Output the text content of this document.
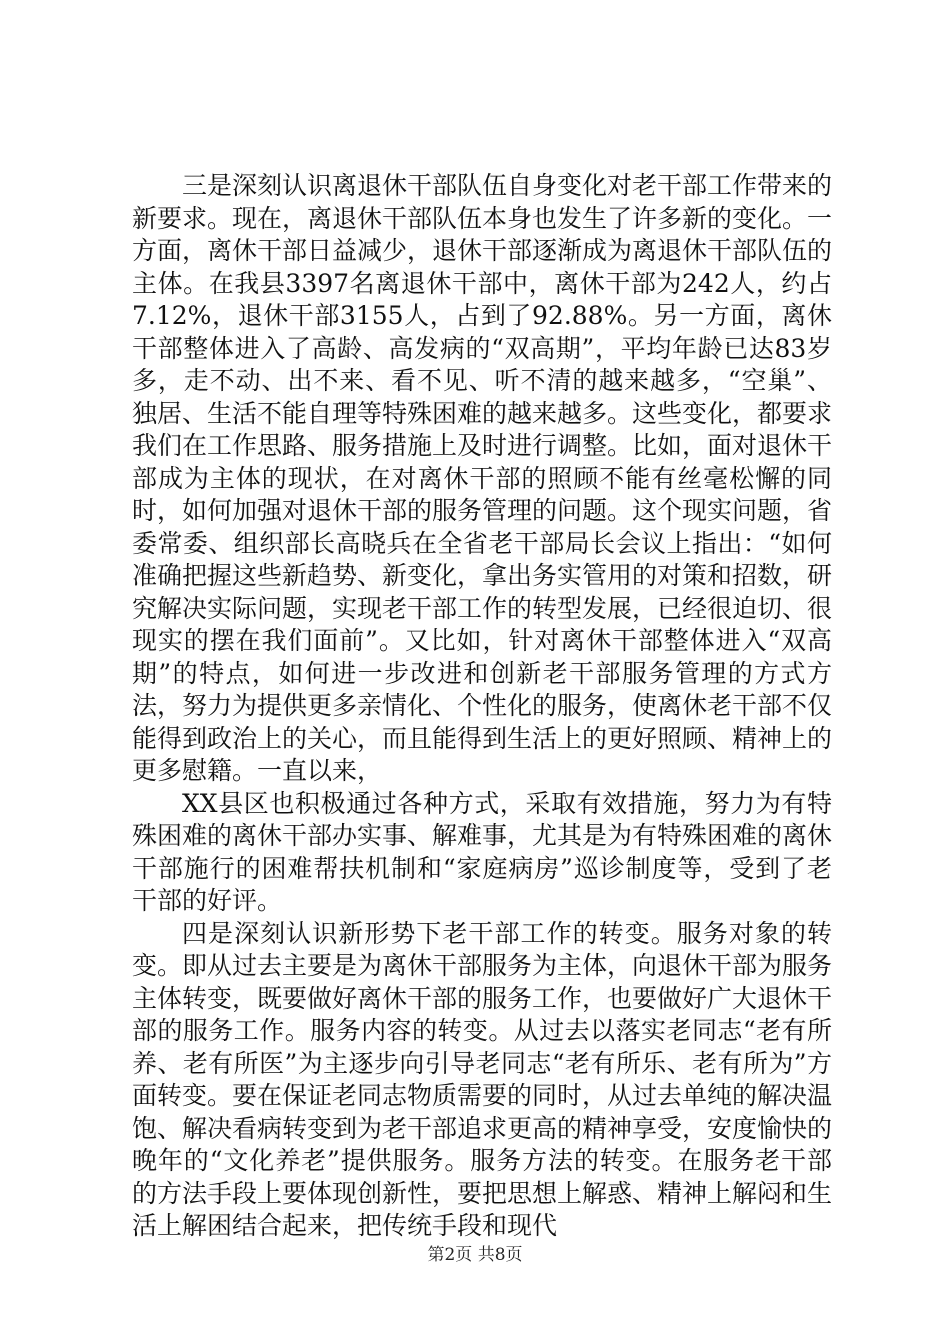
三是深刻认识离退休干部队伍自身变化对老干部工作带来的新要求。现在，离退休干部队伍本身也发生了许多新的变化。一方面，离休干部日益减少，退休干部逐渐成为离退休干部队伍的主体。在我县3397名离退休干部中，离休干部为242人，约占7.12%，退休干部3155人，占到了92.88%。另一方面，离休干部整体进入了高龄、高发病的“双高期”，平均年龄已达83岁多，走不动、出不来、看不见、听不清的越来越多，“空巢”、独居、生活不能自理等特殊困难的越来越多。这些变化，都要求我们在工作思路、服务措施上及时进行调整。比如，面对退休干部成为主体的现状，在对离休干部的照顾不能有丝毫松懈的同时，如何加强对退休干部的服务管理的问题。这个现实问题，省委常委、组织部长高晓兵在全省老干部局长会议上指出：“如何准确把握这些新趋势、新变化，拿出务实管用的对策和招数，研究解决实际问题，实现老干部工作的转型发展，已经很迫切、很现实的摆在我们面前”。又比如，针对离休干部整体进入“双高期”的特点，如何进一步改进和创新老干部服务管理的方式方法，努力为提供更多亲情化、个性化的服务，使离休老干部不仅能得到政治上的关心，而且能得到生活上的更好照顾、精神上的更多慰籍。一直以来，

XX县区也积极通过各种方式，采取有效措施，努力为有特殊困难的离休干部办实事、解难事，尤其是为有特殊困难的离休干部施行的困难帮扶机制和“家庭病房”巡诊制度等，受到了老干部的好评。

四是深刻认识新形势下老干部工作的转变。服务对象的转变。即从过去主要是为离休干部服务为主体，向退休干部为服务主体转变，既要做好离休干部的服务工作，也要做好广大退休干部的服务工作。服务内容的转变。从过去以落实老同志“老有所养、老有所医”为主逐步向引导老同志“老有所乐、老有所为”方面转变。要在保证老同志物质需要的同时，从过去单纯的解决温饱、解决看病转变到为老干部追求更高的精神享受，安度愉快的晚年的“文化养老”提供服务。服务方法的转变。在服务老干部的方法手段上要体现创新性，要把思想上解惑、精神上解闷和生活上解困结合起来，把传统手段和现代

第2页 共8页
